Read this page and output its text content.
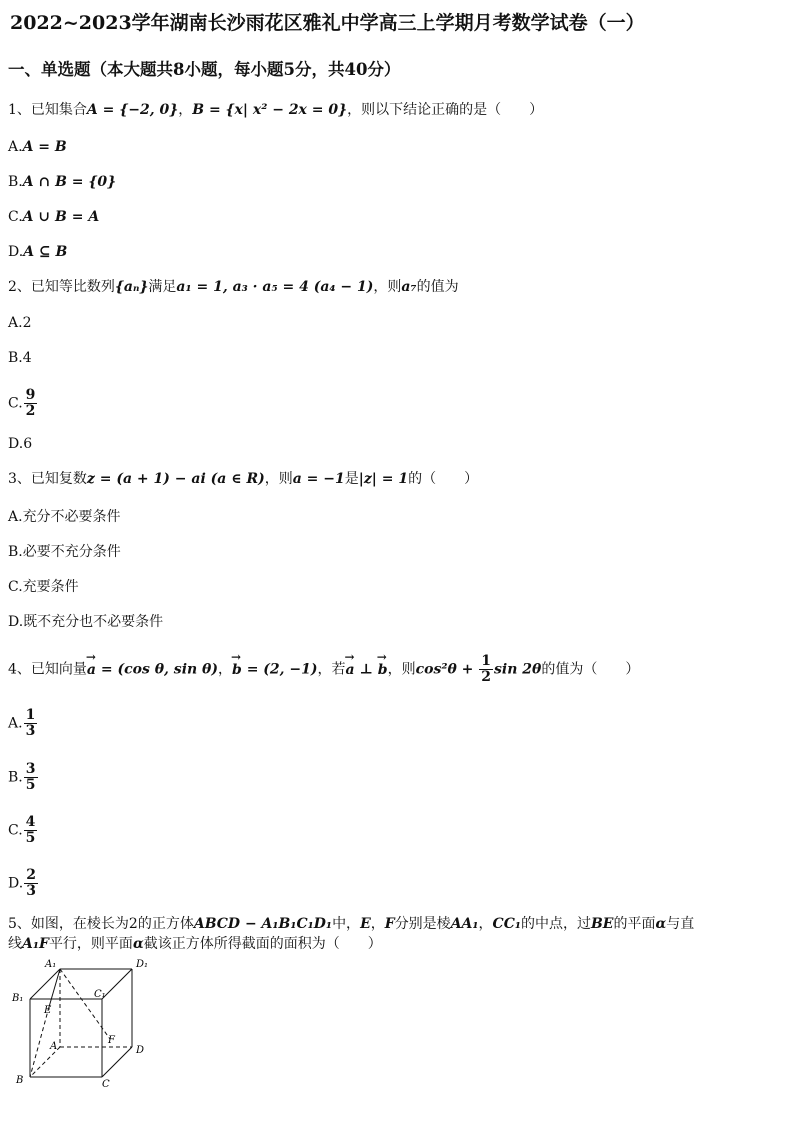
2022~2023学年湖南长沙雨花区雅礼中学高三上学期月考数学试卷（一）
一、单选题（本大题共8小题，每小题5分，共40分）
1、已知集合A = {−2, 0}，B = {x| x² − 2x = 0}，则以下结论正确的是（　　）
A.A = B
B.A ∩ B = {0}
C.A ∪ B = A
D.A ⊆ B
2、已知等比数列{aₙ}满足a₁ = 1, a₃ · a₅ = 4 (a₄ − 1)，则a₇的值为
A.2
B.4
C. $\frac{9}{2}$
D.6
3、已知复数z = (a + 1) − ai (a ∈ R)，则a = −1是|z| = 1的（　　）
A.充分不必要条件
B.必要不充分条件
C.充要条件
D.既不充分也不必要条件
4、已知向量→ a = (cos θ, sin θ)，→ b = (2, −1)，若→ a ⊥ → b，则$\cos^2\theta + \frac{1}{2}$ sin 2θ的值为（　　）
A. $\frac{1}{3}$
B. $\frac{3}{5}$
C. $\frac{4}{5}$
D. $\frac{2}{3}$
5、如图，在棱长为2的正方体ABCD − A₁B₁C₁D₁中，E，F分别是棱AA₁，CC₁的中点，过BE的平面α与直
线A₁F平行，则平面α截该正方体所得截面的面积为（　　）
A₁	D₁
B₁	C₁
E
A
F
D
B	C
